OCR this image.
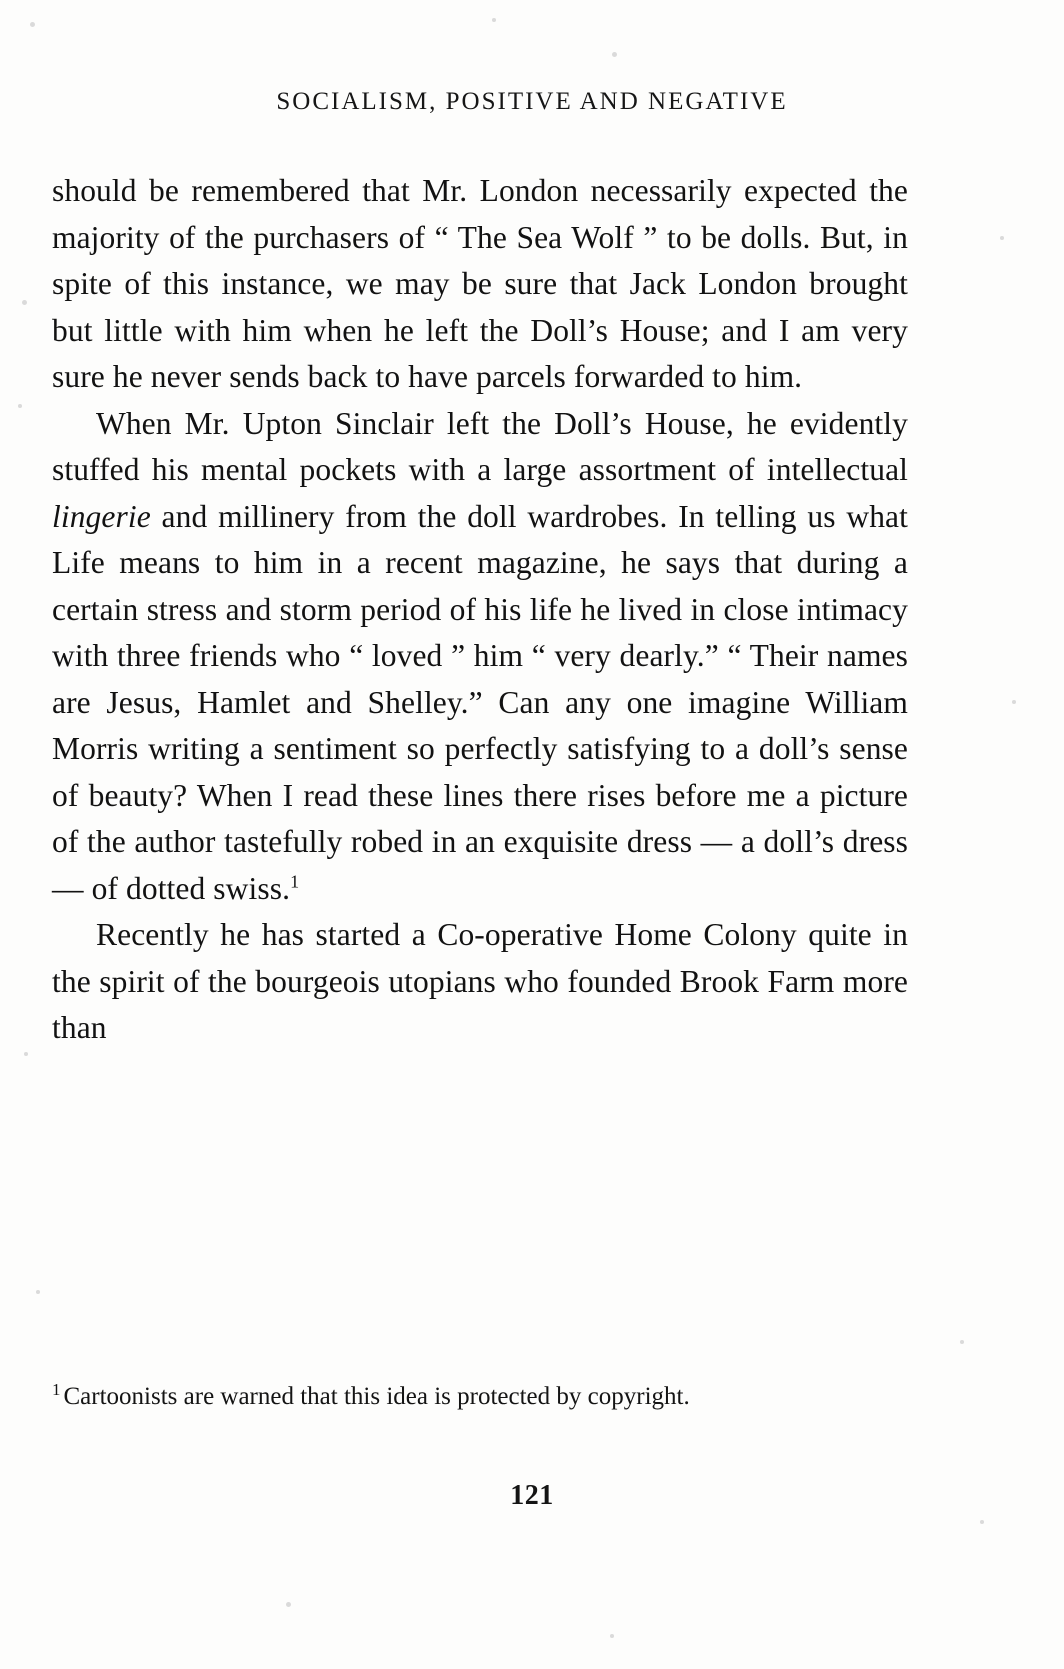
SOCIALISM, POSITIVE AND NEGATIVE

should be remembered that Mr. London necessarily expected the majority of the purchasers of “ The Sea Wolf ” to be dolls. But, in spite of this instance, we may be sure that Jack London brought but little with him when he left the Doll’s House; and I am very sure he never sends back to have parcels forwarded to him.

When Mr. Upton Sinclair left the Doll’s House, he evidently stuffed his mental pockets with a large assortment of intellectual lingerie and millinery from the doll wardrobes. In telling us what Life means to him in a recent magazine, he says that during a certain stress and storm period of his life he lived in close intimacy with three friends who “ loved ” him “ very dearly.” “ Their names are Jesus, Hamlet and Shelley.” Can any one imagine William Morris writing a sentiment so perfectly satisfying to a doll’s sense of beauty? When I read these lines there rises before me a picture of the author tastefully robed in an exquisite dress — a doll’s dress — of dotted swiss.$^1$

Recently he has started a Co-operative Home Colony quite in the spirit of the bourgeois utopians who founded Brook Farm more than

$^1$ Cartoonists are warned that this idea is protected by copyright.
121
